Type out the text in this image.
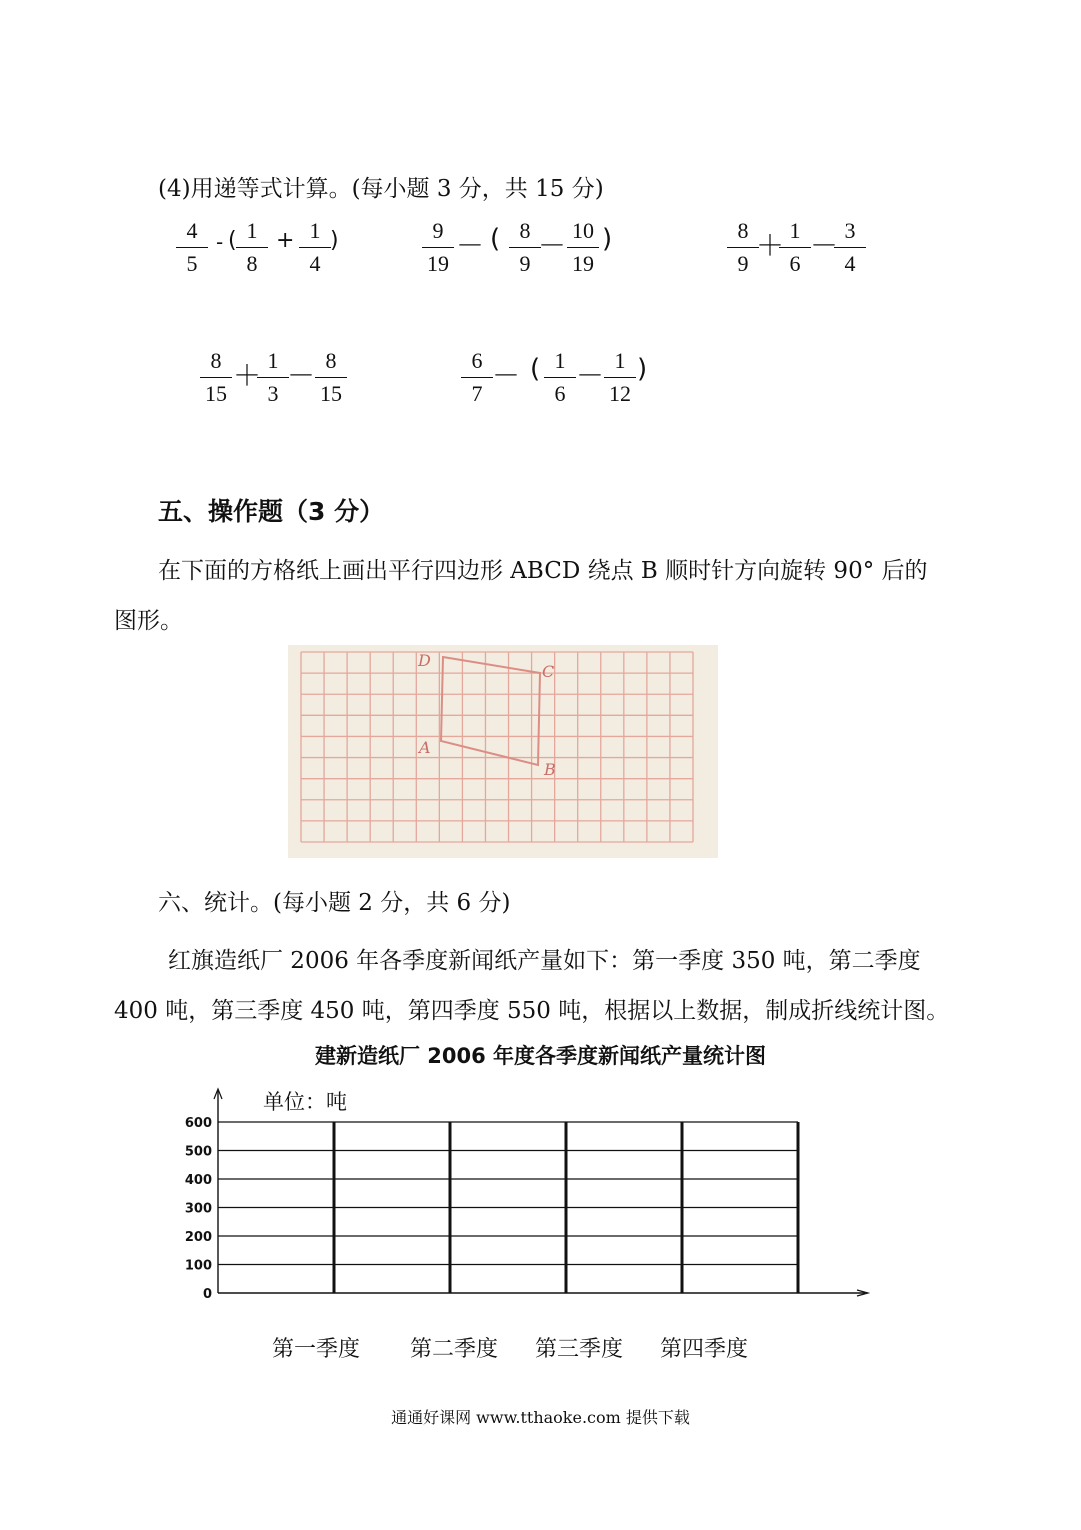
(4)用递等式计算。(每小题 3 分，共 15 分)
4
5
- ( 1
8
+ 1
4
)	9
19
－ ( 8
9
－ 10
19
)	8
9
＋ 1
6
－ 3
4
8
15
＋ 1
3
－ 8
15
6
7
－ ( 1
6
－ 1
12
)
五、操作题（3 分）
在下面的方格纸上画出平行四边形 ABCD 绕点 B 顺时针方向旋转 90° 后的
图形。
D
C
A
B
六、统计。(每小题 2 分，共 6 分)
红旗造纸厂 2006 年各季度新闻纸产量如下：第一季度 350 吨，第二季度
400 吨，第三季度 450 吨，第四季度 550 吨，根据以上数据，制成折线统计图。
建新造纸厂 2006 年度各季度新闻纸产量统计图
单位：吨
0
100
200
300
400
500
600
第一季度 第二季度 第三季度 第四季度
通通好课网 www.tthaoke.com 提供下载
